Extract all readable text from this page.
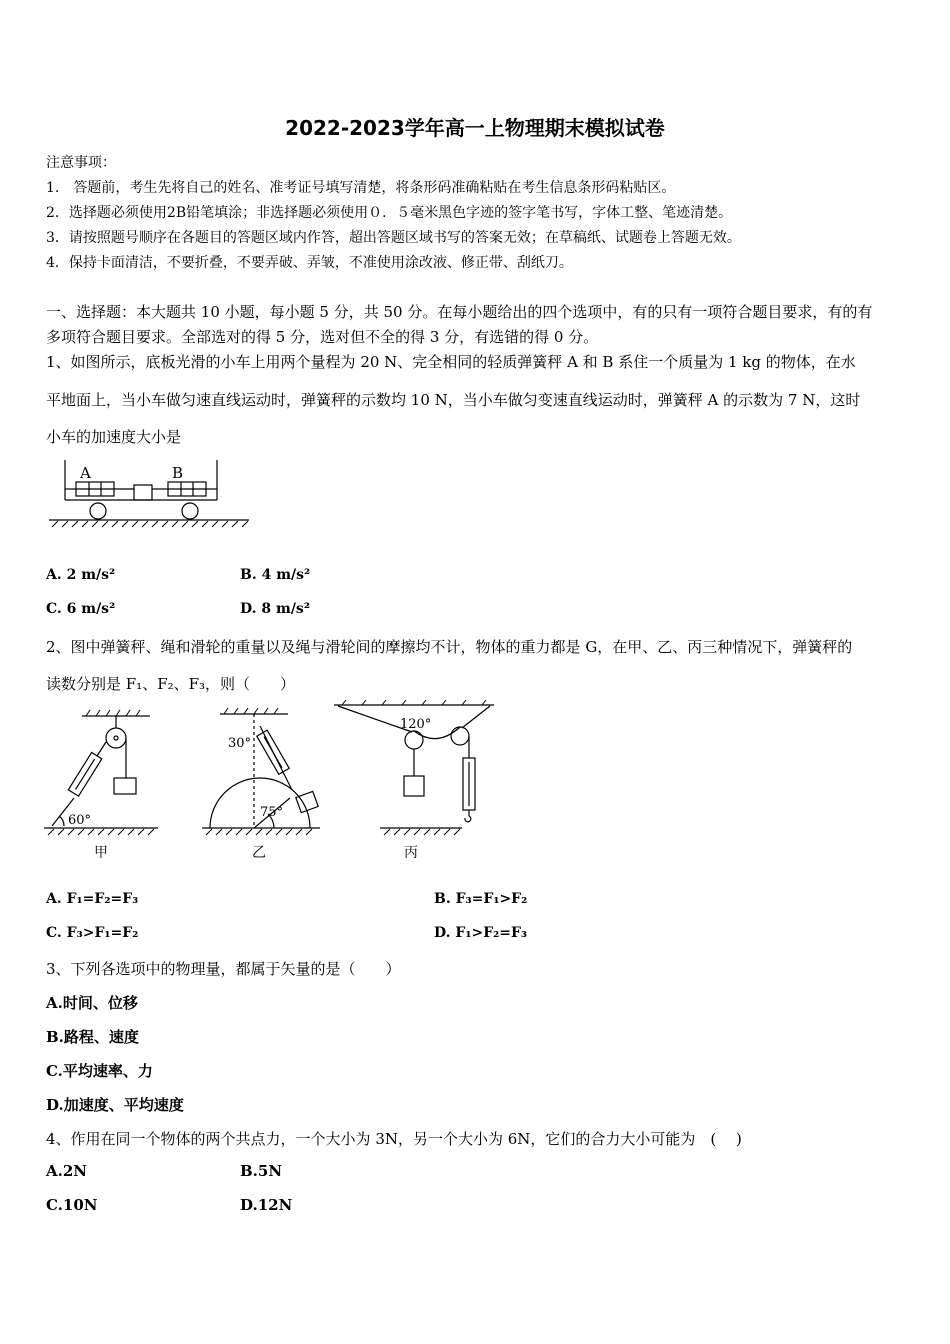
2022-2023学年高一上物理期末模拟试卷
注意事项：
1.　答题前，考生先将自己的姓名、准考证号填写清楚，将条形码准确粘贴在考生信息条形码粘贴区。
2．选择题必须使用2B铅笔填涂；非选择题必须使用０．５毫米黑色字迹的签字笔书写，字体工整、笔迹清楚。
3．请按照题号顺序在各题目的答题区域内作答，超出答题区域书写的答案无效；在草稿纸、试题卷上答题无效。
4．保持卡面清洁，不要折叠，不要弄破、弄皱，不准使用涂改液、修正带、刮纸刀。
一、选择题：本大题共 10 小题，每小题 5 分，共 50 分。在每小题给出的四个选项中，有的只有一项符合题目要求，有的有
多项符合题目要求。全部选对的得 5 分，选对但不全的得 3 分，有选错的得 0 分。
1、如图所示，底板光滑的小车上用两个量程为 20 N、完全相同的轻质弹簧秤 A 和 B 系住一个质量为 1 kg 的物体，在水
平地面上，当小车做匀速直线运动时，弹簧秤的示数均 10 N，当小车做匀变速直线运动时，弹簧秤 A 的示数为 7 N，这时
小车的加速度大小是
A	B
A. 2 m/s²	B. 4 m/s²
C. 6 m/s²	D. 8 m/s²
2、图中弹簧秤、绳和滑轮的重量以及绳与滑轮间的摩擦均不计，物体的重力都是 G，在甲、乙、丙三种情况下，弹簧秤的
读数分别是 F₁、F₂、F₃，则（　　）
60°
30°
75°
120°
甲	乙	丙
A. F₁=F₂=F₃	B. F₃=F₁>F₂
C. F₃>F₁=F₂	D. F₁>F₂=F₃
3、下列各选项中的物理量，都属于矢量的是（　　）
A.时间、位移
B.路程、速度
C.平均速率、力
D.加速度、平均速度
4、作用在同一个物体的两个共点力，一个大小为 3N，另一个大小为 6N，它们的合力大小可能为　(　 )
A.2N	B.5N
C.10N	D.12N
